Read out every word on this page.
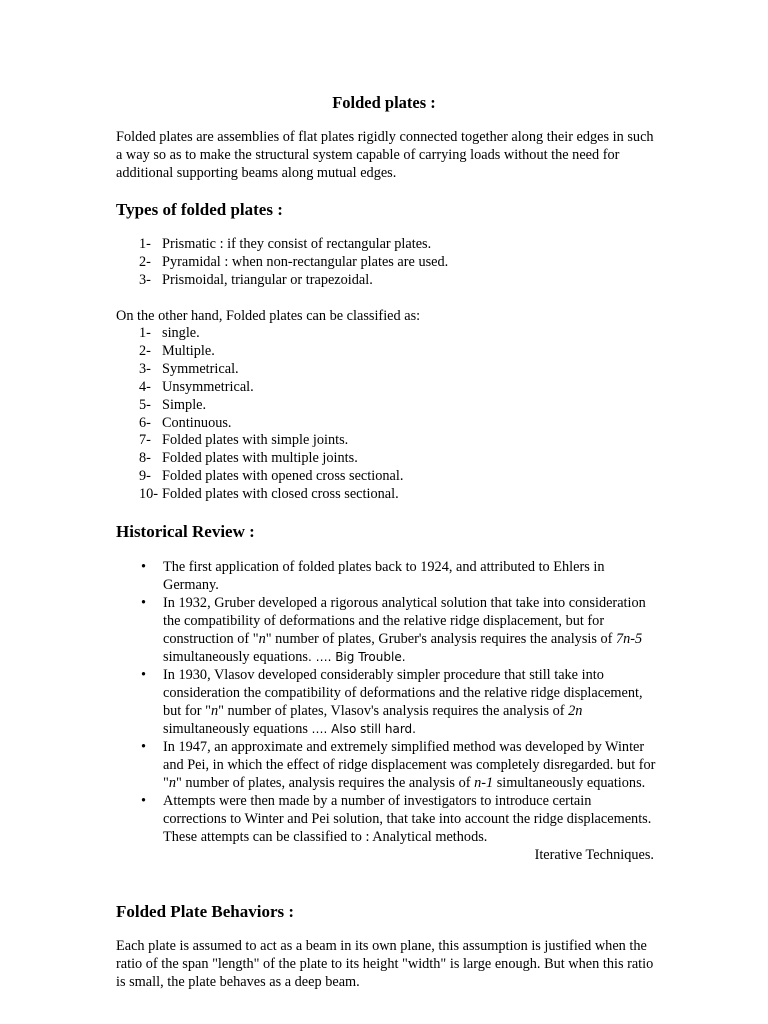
Folded plates :

Folded plates are assemblies of flat plates rigidly connected together along their edges in such a way so as to make the structural system capable of carrying loads without the need for additional supporting beams along mutual edges.

Types of folded plates :
1- Prismatic : if they consist of rectangular plates.
2- Pyramidal : when non-rectangular plates are used.
3- Prismoidal, triangular or trapezoidal.

On the other hand, Folded plates can be classified as:

1- single.
2- Multiple.
3- Symmetrical.
4- Unsymmetrical.
5- Simple.
6- Continuous.
7- Folded plates with simple joints.
8- Folded plates with multiple joints.
9- Folded plates with opened cross sectional.
10- Folded plates with closed cross sectional.
Historical Review :
•	The first application of folded plates back to 1924, and attributed to Ehlers in Germany.
•	In 1932, Gruber developed a rigorous analytical solution that take into consideration the compatibility of deformations and the relative ridge displacement, but for construction of "n" number of plates, Gruber's analysis requires the analysis of 7n-5 simultaneously equations. …. Big Trouble.
•	In 1930, Vlasov developed considerably simpler procedure that still take into consideration the compatibility of deformations and the relative ridge displacement, but for "n" number of plates, Vlasov's analysis requires the analysis of 2n simultaneously equations …. Also still hard.
•	In 1947, an approximate and extremely simplified method was developed by Winter and Pei, in which the effect of ridge displacement was completely disregarded. but for "n" number of plates, analysis requires the analysis of n-1 simultaneously equations.
•	Attempts were then made by a number of investigators to introduce certain corrections to Winter and Pei solution, that take into account the ridge displacements. These attempts can be classified to : Analytical methods.
Iterative Techniques.
Folded Plate Behaviors :

Each plate is assumed to act as a beam in its own plane, this assumption is justified when the ratio of the span "length" of the plate to its height "width" is large enough. But when this ratio is small, the plate behaves as a deep beam.
